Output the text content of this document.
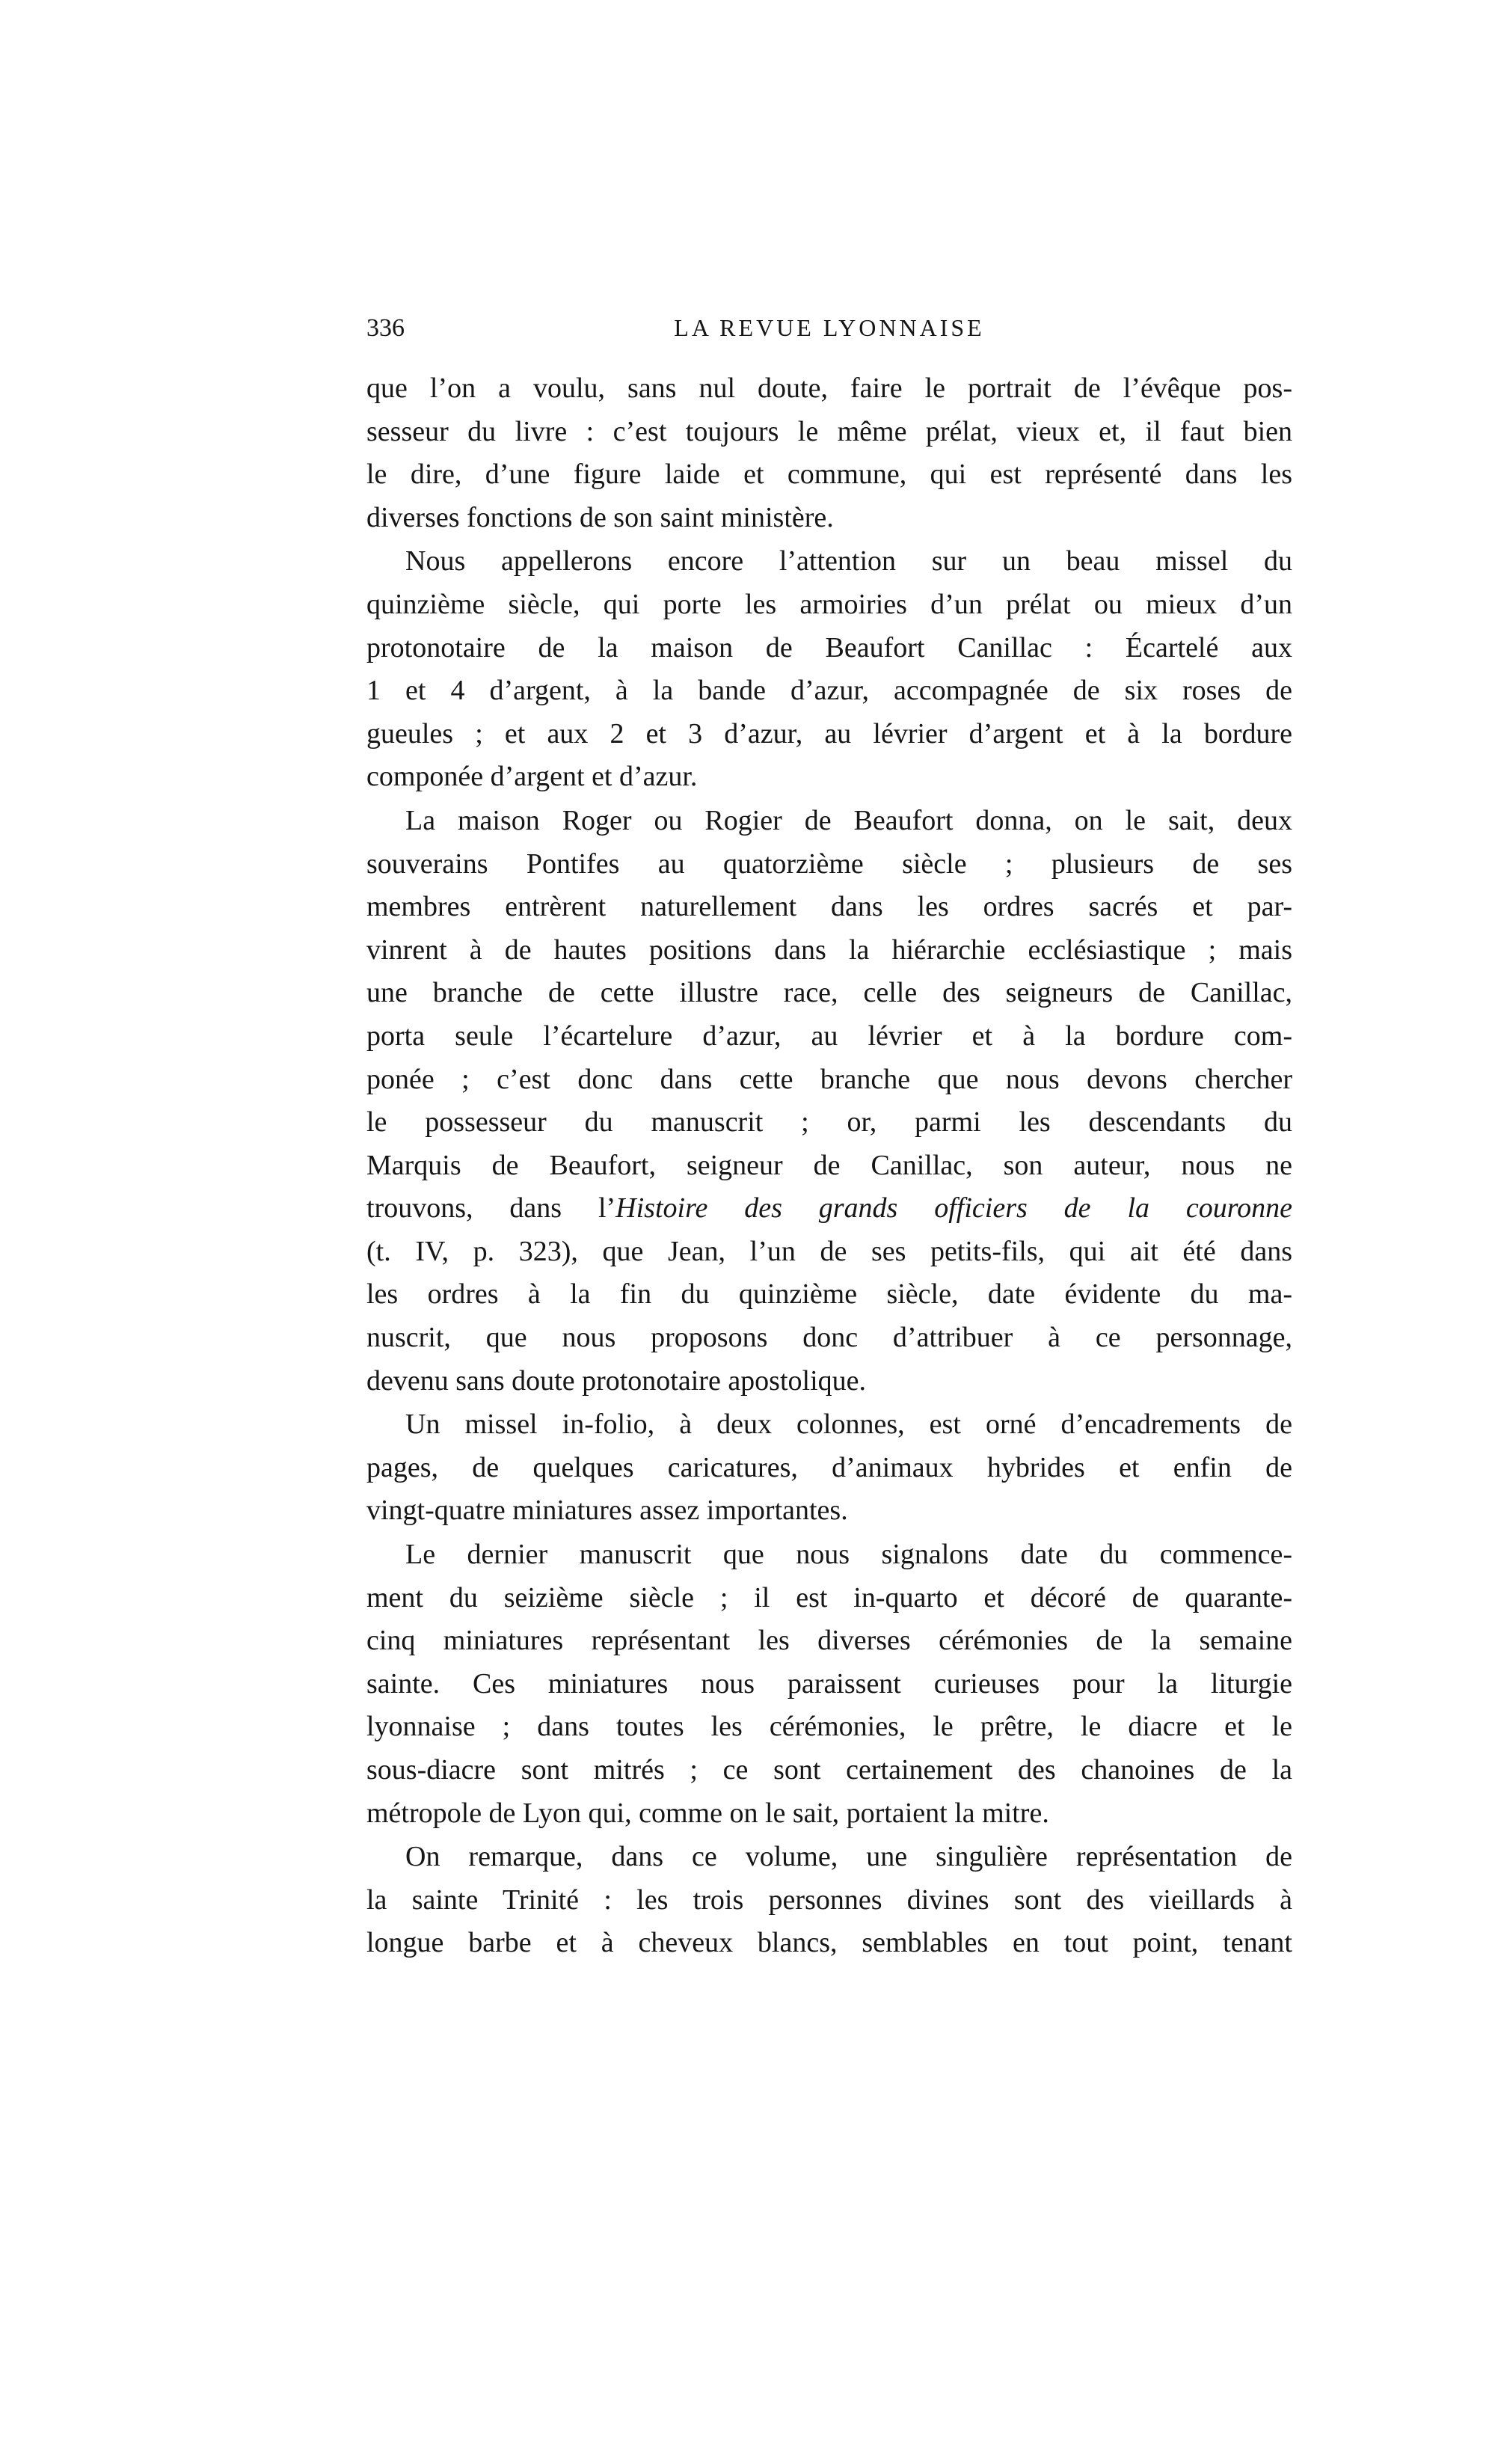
336	LA REVUE LYONNAISE
que l’on a voulu, sans nul doute, faire le portrait de l’évêque pos-
sesseur du livre : c’est toujours le même prélat, vieux et, il faut bien
le dire, d’une figure laide et commune, qui est représenté dans les
diverses fonctions de son saint ministère.
Nous appellerons encore l’attention sur un beau missel du
quinzième siècle, qui porte les armoiries d’un prélat ou mieux d’un
protonotaire de la maison de Beaufort Canillac : Écartelé aux
1 et 4 d’argent, à la bande d’azur, accompagnée de six roses de
gueules ; et aux 2 et 3 d’azur, au lévrier d’argent et à la bordure
componée d’argent et d’azur.
La maison Roger ou Rogier de Beaufort donna, on le sait, deux
souverains Pontifes au quatorzième siècle ; plusieurs de ses
membres entrèrent naturellement dans les ordres sacrés et par-
vinrent à de hautes positions dans la hiérarchie ecclésiastique ; mais
une branche de cette illustre race, celle des seigneurs de Canillac,
porta seule l’écartelure d’azur, au lévrier et à la bordure com-
ponée ; c’est donc dans cette branche que nous devons chercher
le possesseur du manuscrit ; or, parmi les descendants du
Marquis de Beaufort, seigneur de Canillac, son auteur, nous ne
trouvons, dans l’Histoire des grands officiers de la couronne
(t. IV, p. 323), que Jean, l’un de ses petits-fils, qui ait été dans
les ordres à la fin du quinzième siècle, date évidente du ma-
nuscrit, que nous proposons donc d’attribuer à ce personnage,
devenu sans doute protonotaire apostolique.
Un missel in-folio, à deux colonnes, est orné d’encadrements de
pages, de quelques caricatures, d’animaux hybrides et enfin de
vingt-quatre miniatures assez importantes.
Le dernier manuscrit que nous signalons date du commence-
ment du seizième siècle ; il est in-quarto et décoré de quarante-
cinq miniatures représentant les diverses cérémonies de la semaine
sainte. Ces miniatures nous paraissent curieuses pour la liturgie
lyonnaise ; dans toutes les cérémonies, le prêtre, le diacre et le
sous-diacre sont mitrés ; ce sont certainement des chanoines de la
métropole de Lyon qui, comme on le sait, portaient la mitre.
On remarque, dans ce volume, une singulière représentation de
la sainte Trinité : les trois personnes divines sont des vieillards à
longue barbe et à cheveux blancs, semblables en tout point, tenant
